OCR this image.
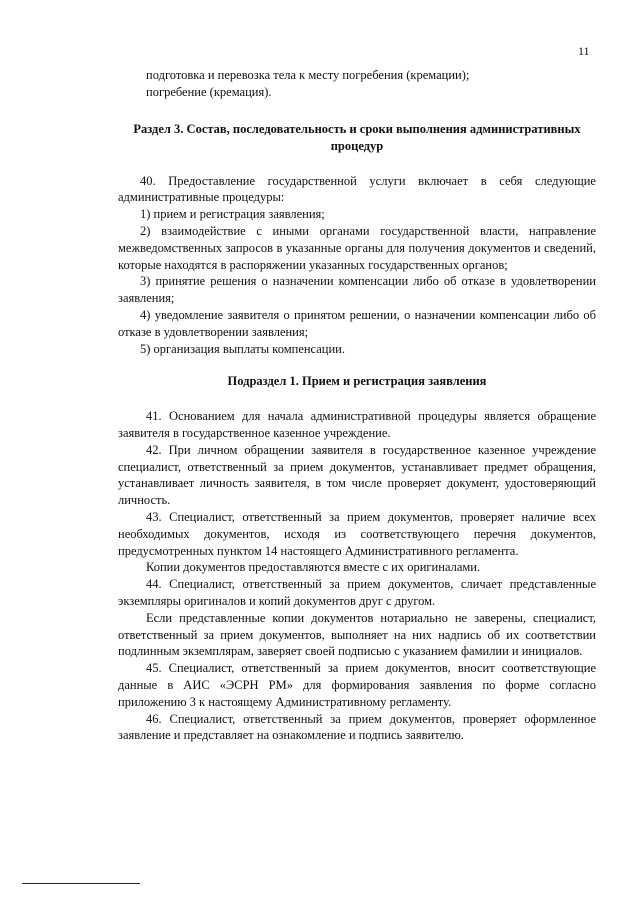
11

подготовка и перевозка тела к месту погребения (кремации);

погребение (кремация).

Раздел 3. Состав, последовательность и сроки выполнения административных процедур

40. Предоставление государственной услуги включает в себя следующие административные процедуры:

1) прием и регистрация заявления;

2) взаимодействие с иными органами государственной власти, направление межведомственных запросов в указанные органы для получения документов и сведений, которые находятся в распоряжении указанных государственных органов;

3) принятие решения о назначении компенсации либо об отказе в удовлетворении заявления;

4) уведомление заявителя о принятом решении, о назначении компенсации либо об отказе в удовлетворении заявления;

5) организация выплаты компенсации.

Подраздел 1. Прием и регистрация заявления

41. Основанием для начала административной процедуры является обращение заявителя в государственное казенное учреждение.

42. При личном обращении заявителя в государственное казенное учреждение специалист, ответственный за прием документов, устанавливает предмет обращения, устанавливает личность заявителя, в том числе проверяет документ, удостоверяющий личность.

43. Специалист, ответственный за прием документов, проверяет наличие всех необходимых документов, исходя из соответствующего перечня документов, предусмотренных пунктом 14 настоящего Административного регламента.

Копии документов предоставляются вместе с их оригиналами.

44. Специалист, ответственный за прием документов, сличает представленные экземпляры оригиналов и копий документов друг с другом.

Если представленные копии документов нотариально не заверены, специалист, ответственный за прием документов, выполняет на них надпись об их соответствии подлинным экземплярам, заверяет своей подписью с указанием фамилии и инициалов.

45. Специалист, ответственный за прием документов, вносит соответствующие данные в АИС «ЭСРН РМ» для формирования заявления по форме согласно приложению 3 к настоящему Административному регламенту.

46. Специалист, ответственный за прием документов, проверяет оформленное заявление и представляет на ознакомление и подпись заявителю.
